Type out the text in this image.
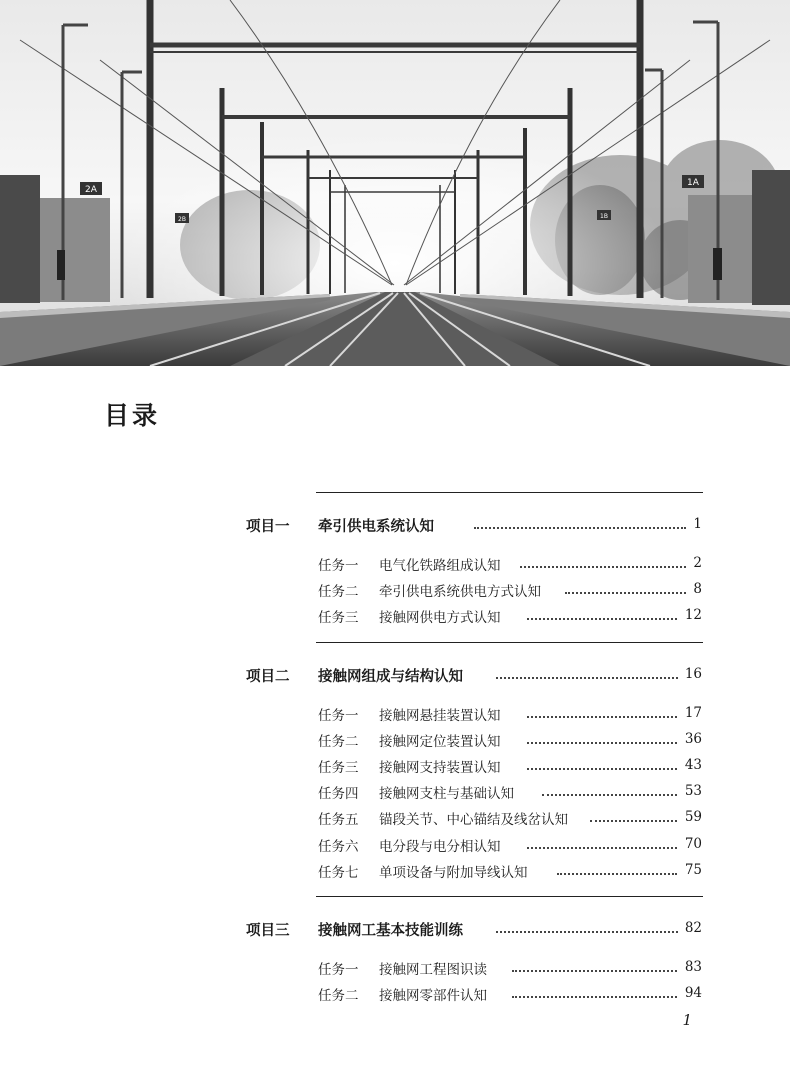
2A
2B
1A
1B
目录
项目一 牵引供电系统认知	1
任务一 电气化铁路组成认知	2
任务二 牵引供电系统供电方式认知	8
任务三 接触网供电方式认知	12
项目二 接触网组成与结构认知	16
任务一 接触网悬挂装置认知	17
任务二 接触网定位装置认知	36
任务三 接触网支持装置认知	43
任务四 接触网支柱与基础认知	53
任务五 锚段关节、中心锚结及线岔认知	59
任务六 电分段与电分相认知	70
任务七 单项设备与附加导线认知	75
项目三 接触网工基本技能训练	82
任务一 接触网工程图识读	83
任务二 接触网零部件认知	94
1
